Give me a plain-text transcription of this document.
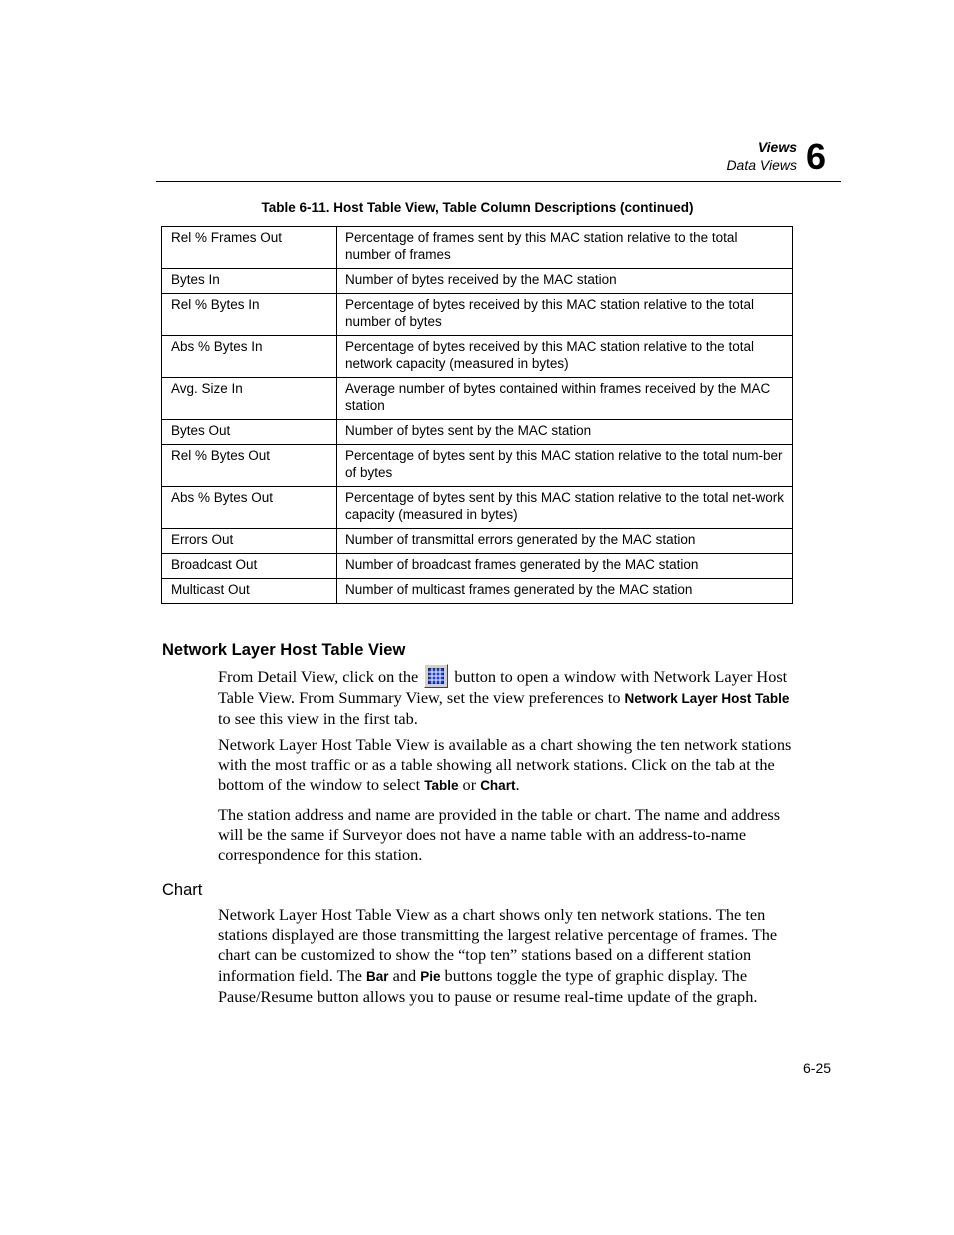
Views
Data Views 6
Table 6-11. Host Table View, Table Column Descriptions (continued)
Rel % Frames Out	Percentage of frames sent by this MAC station relative to the total number of frames
Bytes In	Number of bytes received by the MAC station
Rel % Bytes In	Percentage of bytes received by this MAC station relative to the total number of bytes
Abs % Bytes In	Percentage of bytes received by this MAC station relative to the total network capacity (measured in bytes)
Avg. Size In	Average number of bytes contained within frames received by the MAC station
Bytes Out	Number of bytes sent by the MAC station
Rel % Bytes Out	Percentage of bytes sent by this MAC station relative to the total num-ber of bytes
Abs % Bytes Out	Percentage of bytes sent by this MAC station relative to the total net-work capacity (measured in bytes)
Errors Out	Number of transmittal errors generated by the MAC station
Broadcast Out	Number of broadcast frames generated by the MAC station
Multicast Out	Number of multicast frames generated by the MAC station
Network Layer Host Table View

From Detail View, click on the button to open a window with Network Layer Host Table View. From Summary View, set the view preferences to Network Layer Host Table to see this view in the first tab.

Network Layer Host Table View is available as a chart showing the ten network stations with the most traffic or as a table showing all network stations. Click on the tab at the bottom of the window to select Table or Chart.

The station address and name are provided in the table or chart. The name and address will be the same if Surveyor does not have a name table with an address-to-name correspondence for this station.

Chart

Network Layer Host Table View as a chart shows only ten network stations. The ten stations displayed are those transmitting the largest relative percentage of frames. The chart can be customized to show the “top ten” stations based on a different station information field. The Bar and Pie buttons toggle the type of graphic display. The Pause/Resume button allows you to pause or resume real-time update of the graph.

6-25
